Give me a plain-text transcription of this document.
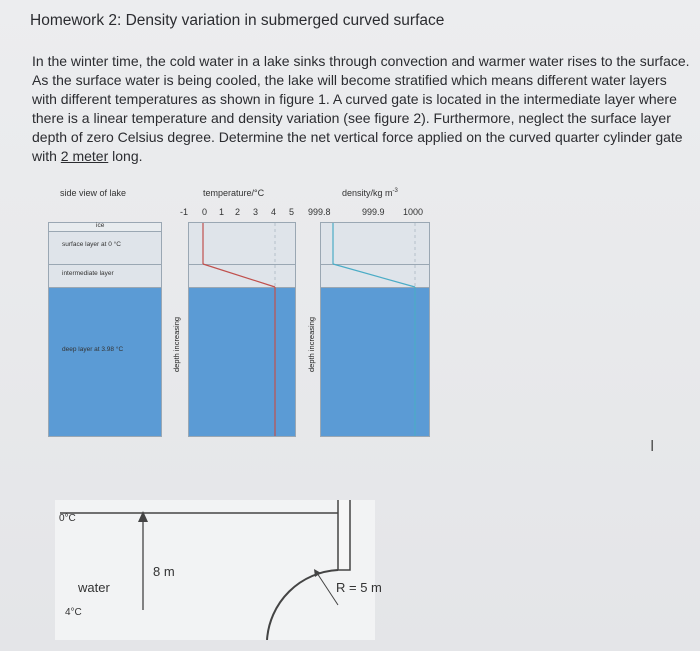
Homework 2: Density variation in submerged curved surface
In the winter time, the cold water in a lake sinks through convection and warmer water rises to the surface. As the surface water is being cooled, the lake will become stratified which means different water layers with different temperatures as shown in figure 1. A curved gate is located in the intermediate layer where there is a linear temperature and density variation (see figure 2). Furthermore, neglect the surface layer depth of zero Celsius degree. Determine the net vertical force applied on the curved quarter cylinder gate with 2 meter long.
side view of lake	temperature/°C	density/kg $m^{-3}$
-1 0 1 2 3 4 5 999.8	999.9 1000
ice
surface layer at 0 °C
intermediate layer
deep layer at 3.98 °C	depth increasing	depth increasing
0°C
8 m
water
4°C
R = 5 m
I
